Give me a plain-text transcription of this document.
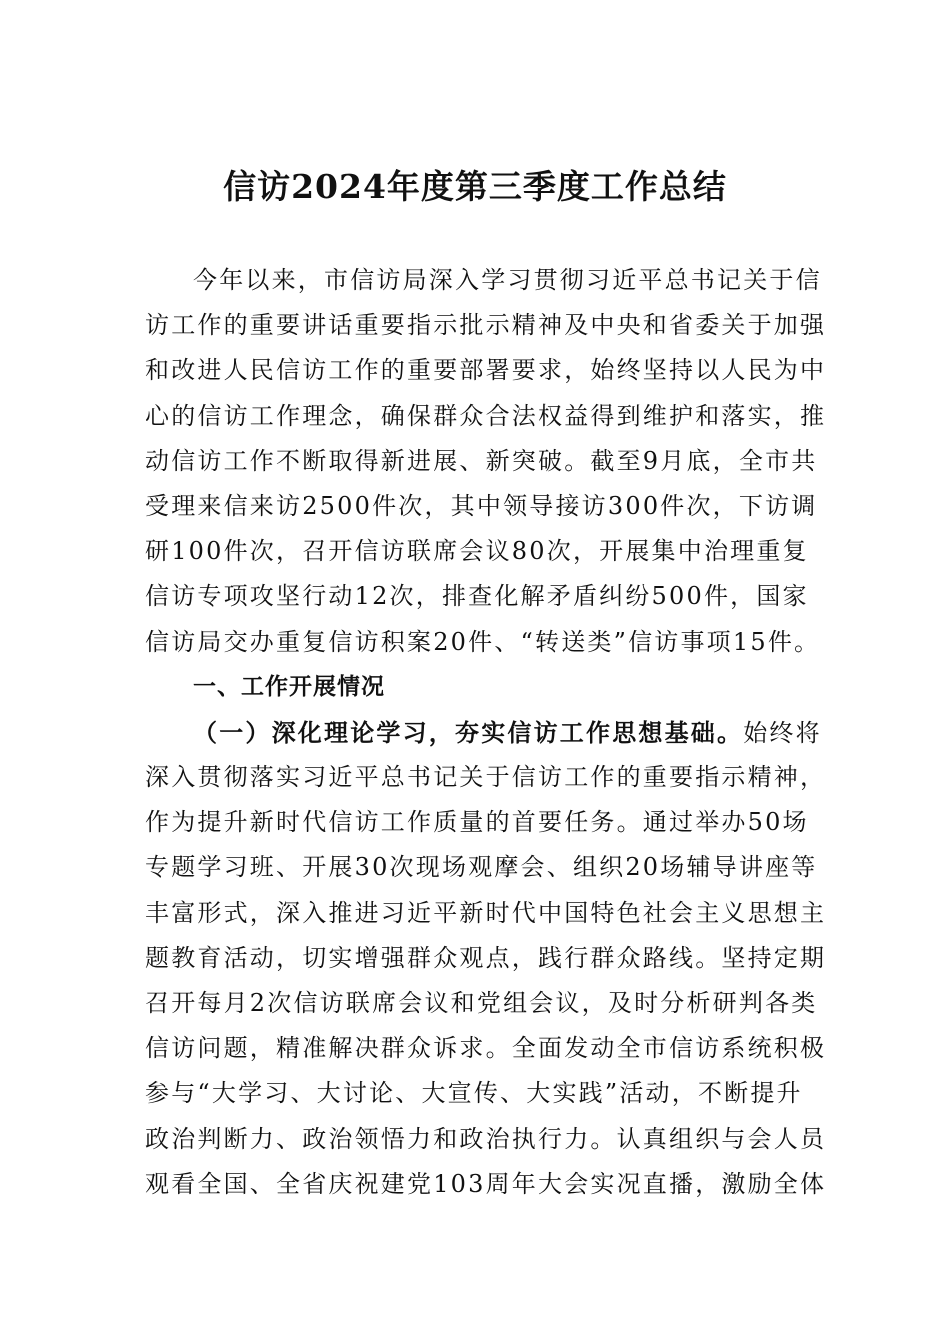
信访2024年度第三季度工作总结
今年以来，市信访局深入学习贯彻习近平总书记关于信
访工作的重要讲话重要指示批示精神及中央和省委关于加强
和改进人民信访工作的重要部署要求，始终坚持以人民为中
心的信访工作理念，确保群众合法权益得到维护和落实，推
动信访工作不断取得新进展、新突破。截至9月底，全市共
受理来信来访2500件次，其中领导接访300件次，下访调
研100件次，召开信访联席会议80次，开展集中治理重复
信访专项攻坚行动12次，排查化解矛盾纠纷500件，国家
信访局交办重复信访积案20件、“转送类”信访事项15件。
一、工作开展情况
（一）深化理论学习，夯实信访工作思想基础。始终将
深入贯彻落实习近平总书记关于信访工作的重要指示精神，
作为提升新时代信访工作质量的首要任务。通过举办50场
专题学习班、开展30次现场观摩会、组织20场辅导讲座等
丰富形式，深入推进习近平新时代中国特色社会主义思想主
题教育活动，切实增强群众观点，践行群众路线。坚持定期
召开每月2次信访联席会议和党组会议，及时分析研判各类
信访问题，精准解决群众诉求。全面发动全市信访系统积极
参与“大学习、大讨论、大宣传、大实践”活动，不断提升
政治判断力、政治领悟力和政治执行力。认真组织与会人员
观看全国、全省庆祝建党103周年大会实况直播，激励全体
